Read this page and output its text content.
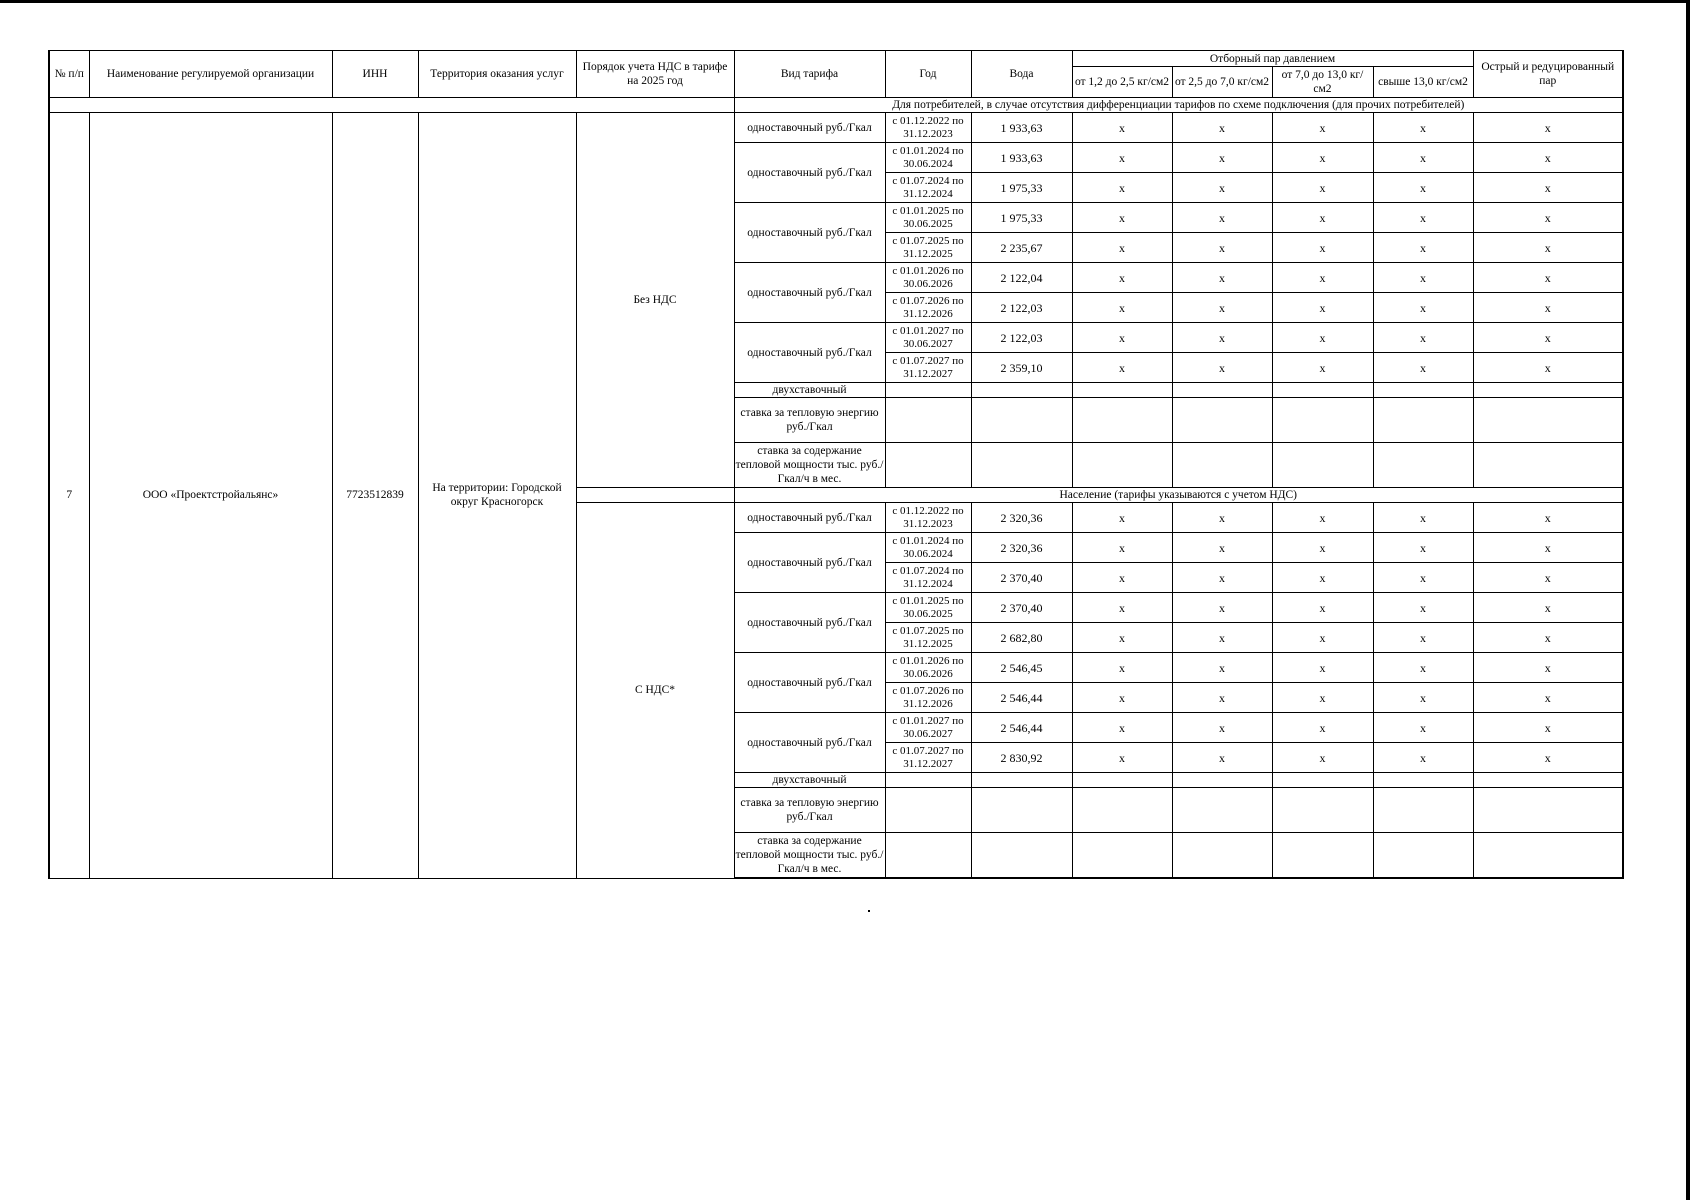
№ п/п	Наименование регулируемой организации	ИНН	Территория оказания услуг	Порядок учета НДС в тарифе на 2025 год	Вид тарифа	Год	Вода	Отборный пар давлением				Острый и редуцированный пар
								от 1,2 до 2,5 кг/см2	от 2,5 до 7,0 кг/см2	от 7,0 до 13,0 кг/см2	свыше 13,0 кг/см2	
					Для потребителей, в случае отсутствия дифференциации тарифов по схеме подключения (для прочих потребителей)							
7	ООО «Проектстройальянс»	7723512839	На территории: Городской округ Красногорск	Без НДС	одноставочный руб./Гкал	с 01.12.2022 по 31.12.2023	1 933,63	x	x	x	x	x
					одноставочный руб./Гкал	с 01.01.2024 по 30.06.2024	1 933,63	x	x	x	x	x
						с 01.07.2024 по 31.12.2024	1 975,33	x	x	x	x	x
					одноставочный руб./Гкал	с 01.01.2025 по 30.06.2025	1 975,33	x	x	x	x	x
						с 01.07.2025 по 31.12.2025	2 235,67	x	x	x	x	x
					одноставочный руб./Гкал	с 01.01.2026 по 30.06.2026	2 122,04	x	x	x	x	x
						с 01.07.2026 по 31.12.2026	2 122,03	x	x	x	x	x
					одноставочный руб./Гкал	с 01.01.2027 по 30.06.2027	2 122,03	x	x	x	x	x
						с 01.07.2027 по 31.12.2027	2 359,10	x	x	x	x	x
					двухставочный							
					ставка за тепловую энергию руб./Гкал							
					ставка за содержание тепловой мощности тыс. руб./Гкал/ч в мес.							
					Население (тарифы указываются с учетом НДС)							
				С НДС*	одноставочный руб./Гкал	с 01.12.2022 по 31.12.2023	2 320,36	x	x	x	x	x
					одноставочный руб./Гкал	с 01.01.2024 по 30.06.2024	2 320,36	x	x	x	x	x
						с 01.07.2024 по 31.12.2024	2 370,40	x	x	x	x	x
					одноставочный руб./Гкал	с 01.01.2025 по 30.06.2025	2 370,40	x	x	x	x	x
						с 01.07.2025 по 31.12.2025	2 682,80	x	x	x	x	x
					одноставочный руб./Гкал	с 01.01.2026 по 30.06.2026	2 546,45	x	x	x	x	x
						с 01.07.2026 по 31.12.2026	2 546,44	x	x	x	x	x
					одноставочный руб./Гкал	с 01.01.2027 по 30.06.2027	2 546,44	x	x	x	x	x
						с 01.07.2027 по 31.12.2027	2 830,92	x	x	x	x	x
					двухставочный							
					ставка за тепловую энергию руб./Гкал							
					ставка за содержание тепловой мощности тыс. руб./Гкал/ч в мес.							
